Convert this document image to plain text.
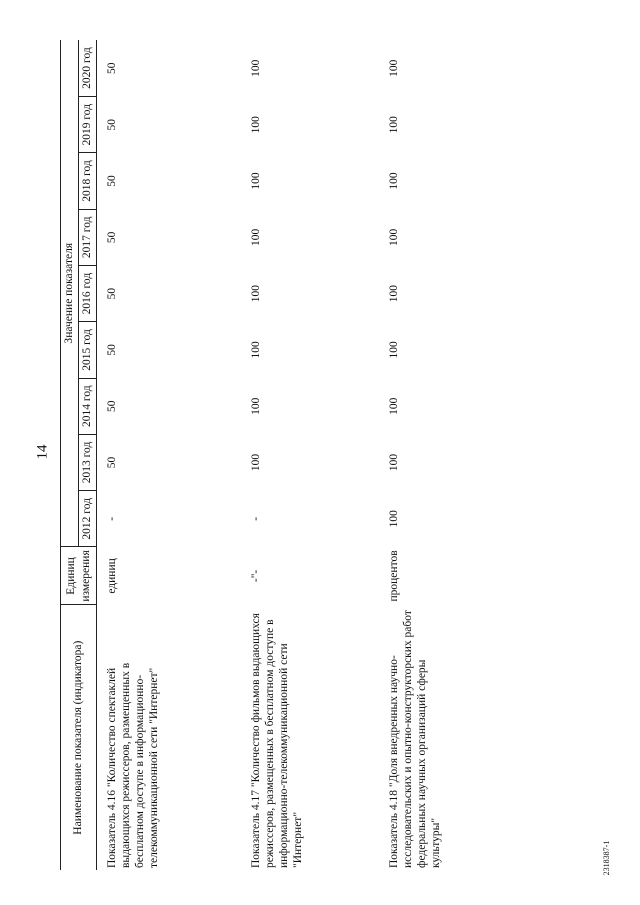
14
Наименование показателя (индикатора)	Единиц измерения	Значение показателя								
		2012 год	2013 год	2014 год	2015 год	2016 год	2017 год	2018 год	2019 год	2020 год
Показатель 4.16 "Количество спектаклей выдающихся режиссеров, размещенных в бесплатном доступе в информационно-телекоммуникационной сети "Интернет"	единиц	-	50	50	50	50	50	50	50	50
Показатель 4.17 "Количество фильмов выдающихся режиссеров, размещенных в бесплатном доступе в информационно-телекоммуникационной сети "Интернет"	-"-	-	100	100	100	100	100	100	100	100
Показатель 4.18 "Доля внедренных научно-исследовательских и опытно-конструкторских работ федеральных научных организаций сферы культуры"	процентов	100	100	100	100	100	100	100	100	100
2318387-1
